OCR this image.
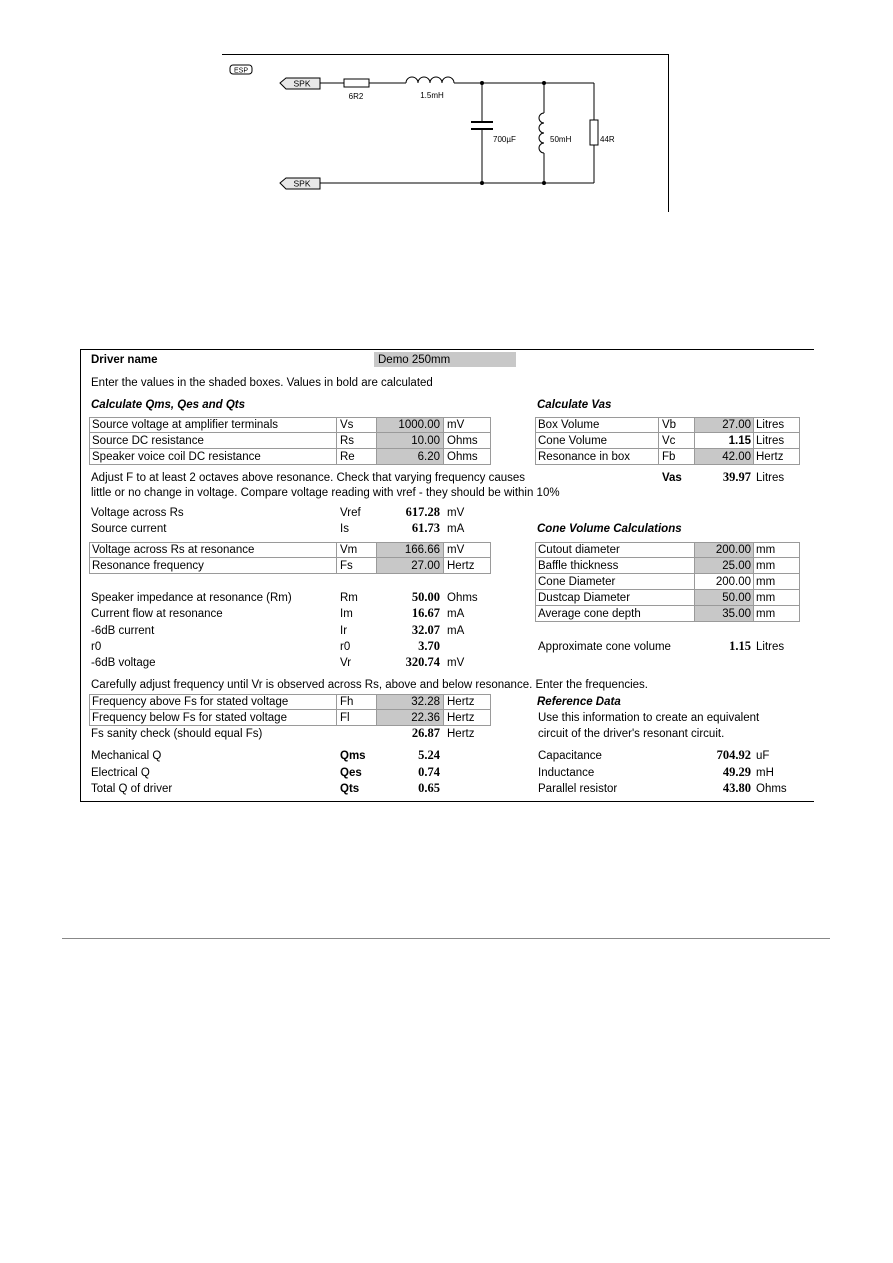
ESP
SPK
6R2	1.5mH
700µF	50mH	44R
SPK
Driver name	Demo 250mm
Enter the values in the shaded boxes. Values in bold are calculated
Calculate Qms, Qes and Qts	Calculate Vas
Source voltage at amplifier terminals	Vs	1000.00 mV
Source DC resistance	Rs	10.00 Ohms
Speaker voice coil DC resistance	Re	6.20 Ohms
Box Volume	Vb	27.00 Litres
Cone Volume	Vc	1.15 Litres
Resonance in box	Fb	42.00 Hertz
Adjust F to at least 2 octaves above resonance. Check that varying frequency causes
little or no change in voltage. Compare voltage reading with vref - they should be within 10%
Vas	39.97 Litres
Voltage across Rs	Vref	617.28 mV
Source current	Is	61.73 mA	Cone Volume Calculations
Voltage across Rs at resonance	Vm	166.66 mV
Resonance frequency	Fs	27.00 Hertz
Cutout diameter	200.00 mm
Baffle thickness	25.00 mm
Cone Diameter	200.00 mm
Dustcap Diameter	50.00 mm
Average cone depth	35.00 mm
Speaker impedance at resonance (Rm)	Rm	50.00 Ohms
Current flow at resonance	Im	16.67 mA
-6dB current	Ir	32.07 mA
r0	r0	3.70
-6dB voltage	Vr	320.74 mV
Approximate cone volume	1.15 Litres
Carefully adjust frequency until Vr is observed across Rs, above and below resonance. Enter the frequencies.
Frequency above Fs for stated voltage	Fh	32.28 Hertz
Frequency below Fs for stated voltage	Fl	22.36 Hertz
Fs sanity check (should equal Fs)	26.87 Hertz
Reference Data
Use this information to create an equivalent
circuit of the driver's resonant circuit.
Mechanical Q	Qms	5.24
Electrical Q	Qes	0.74
Total Q of driver	Qts	0.65
Capacitance	704.92 uF
Inductance	49.29 mH
Parallel resistor	43.80 Ohms
